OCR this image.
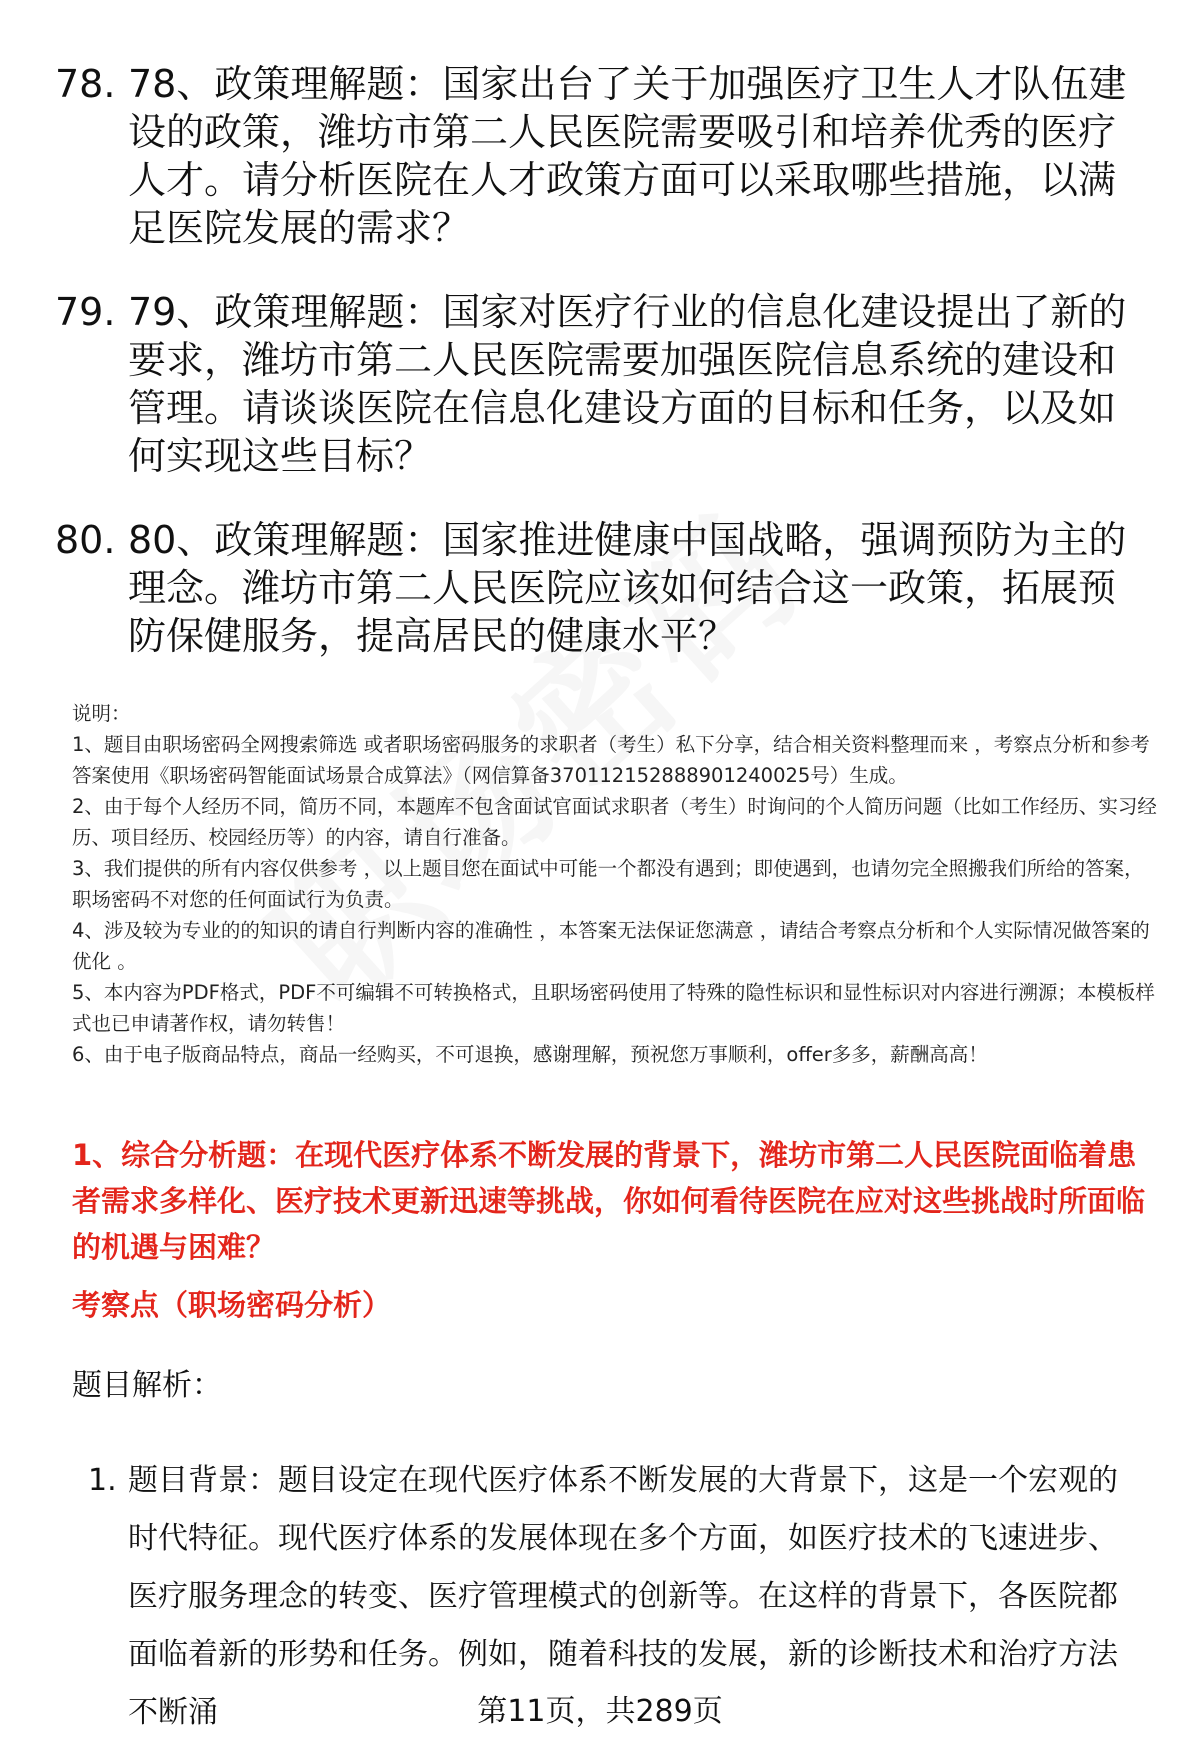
78. 78、政策理解题：国家出台了关于加强医疗卫生人才队伍建设的政策，潍坊市第二人民医院需要吸引和培养优秀的医疗人才。请分析医院在人才政策方面可以采取哪些措施，以满足医院发展的需求？
79. 79、政策理解题：国家对医疗行业的信息化建设提出了新的要求，潍坊市第二人民医院需要加强医院信息系统的建设和管理。请谈谈医院在信息化建设方面的目标和任务，以及如何实现这些目标？
80. 80、政策理解题：国家推进健康中国战略，强调预防为主的理念。潍坊市第二人民医院应该如何结合这一政策，拓展预防保健服务，提高居民的健康水平？

说明：

1、题目由职场密码全网搜索筛选 或者职场密码服务的求职者（考生）私下分享，结合相关资料整理而来 ，考察点分析和参考答案使用《职场密码智能面试场景合成算法》（网信算备370112152888901240025号）生成。

2、由于每个人经历不同，简历不同，本题库不包含面试官面试求职者（考生）时询问的个人简历问题（比如工作经历、实习经历、项目经历、校园经历等）的内容，请自行准备。

3、我们提供的所有内容仅供参考 ，以上题目您在面试中可能一个都没有遇到；即使遇到，也请勿完全照搬我们所给的答案，职场密码不对您的任何面试行为负责。

4、涉及较为专业的的知识的请自行判断内容的准确性 ，本答案无法保证您满意 ，请结合考察点分析和个人实际情况做答案的优化 。

5、本内容为PDF格式，PDF不可编辑不可转换格式，且职场密码使用了特殊的隐性标识和显性标识对内容进行溯源；本模板样式也已申请著作权，请勿转售！

6、由于电子版商品特点，商品一经购买，不可退换，感谢理解，预祝您万事顺利，offer多多，薪酬高高！

1、综合分析题：在现代医疗体系不断发展的背景下，潍坊市第二人民医院面临着患者需求多样化、医疗技术更新迅速等挑战，你如何看待医院在应对这些挑战时所面临的机遇与困难？
考察点（职场密码分析）
题目解析：
1. 题目背景：题目设定在现代医疗体系不断发展的大背景下，这是一个宏观的时代特征。现代医疗体系的发展体现在多个方面，如医疗技术的飞速进步、医疗服务理念的转变、医疗管理模式的创新等。在这样的背景下，各医院都面临着新的形势和任务。例如，随着科技的发展，新的诊断技术和治疗方法不断涌	第11页，共289页
